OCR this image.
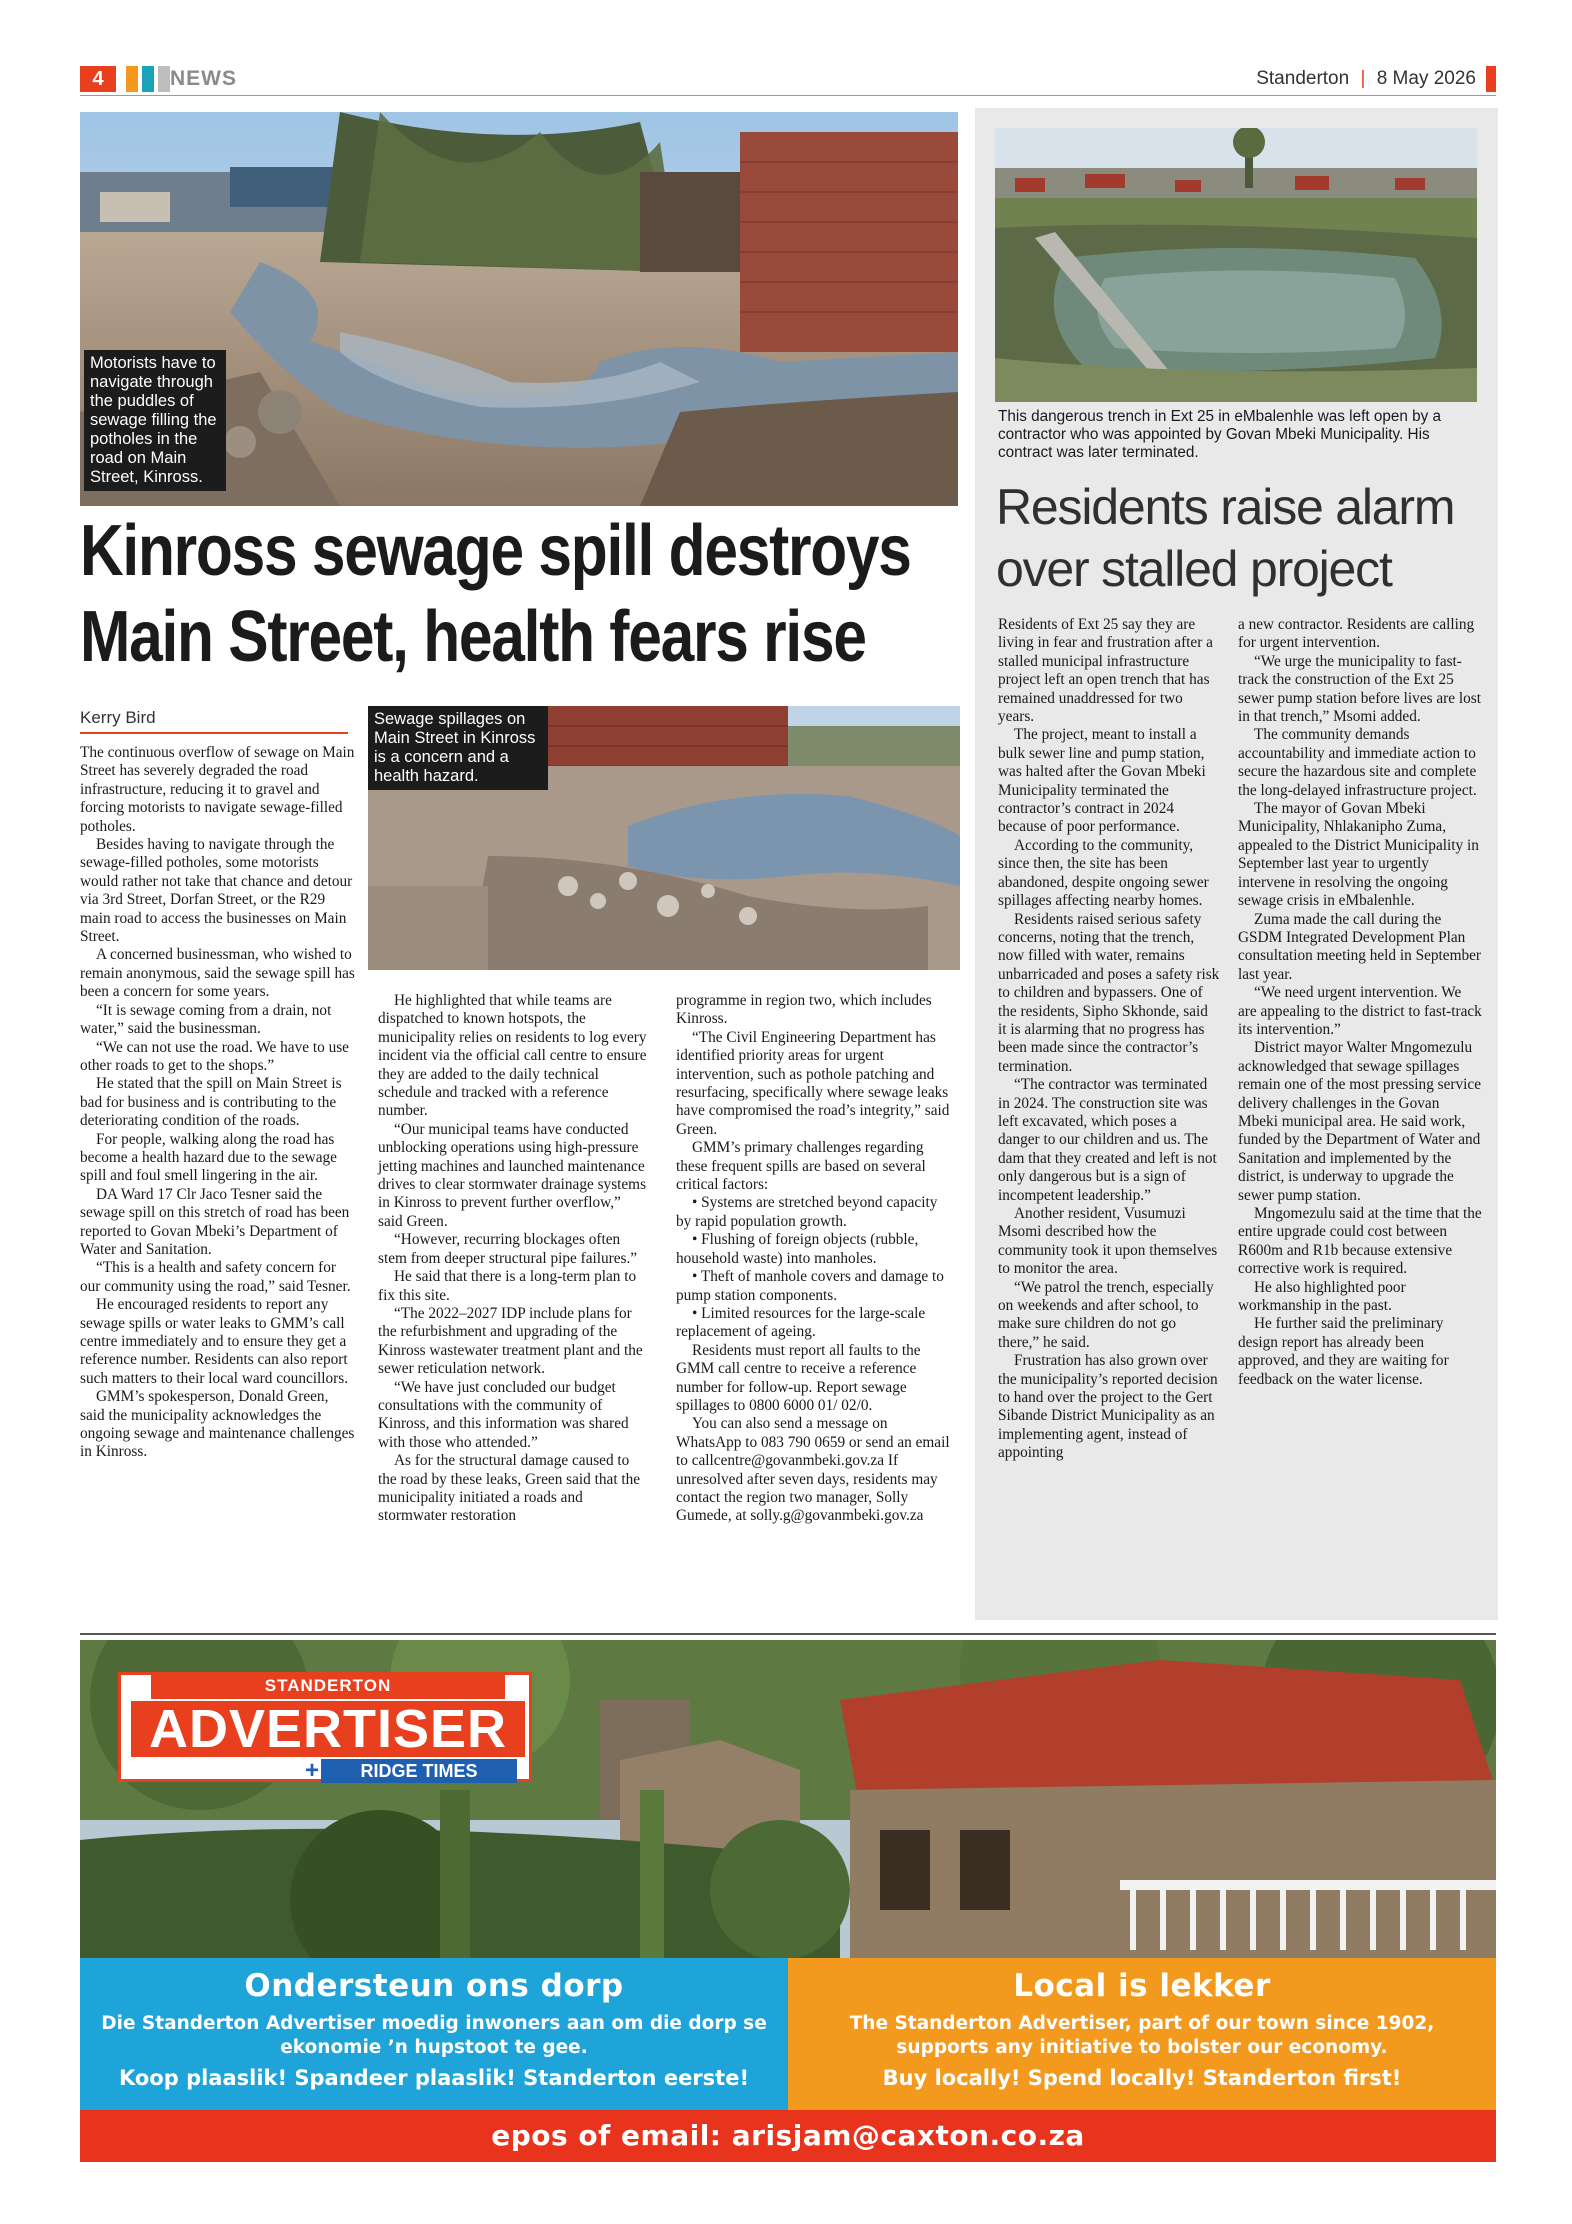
4	NEWS	Standerton | 8 May 2026
Motorists have to navigate through the puddles of sewage filling the potholes in the road on Main Street, Kinross.
Kinross sewage spill destroys Main Street, health fears rise
Kerry Bird	Sewage spillages on Main Street in Kinross is a concern and a health hazard.

The continuous overflow of sewage on Main Street has severely degraded the road infrastructure, reducing it to gravel and forcing motorists to navigate sewage-filled potholes.

Besides having to navigate through the sewage-filled potholes, some motorists would rather not take that chance and detour via 3rd Street, Dorfan Street, or the R29 main road to access the businesses on Main Street.

A concerned businessman, who wished to remain anonymous, said the sewage spill has been a concern for some years.

“It is sewage coming from a drain, not water,” said the businessman.

“We can not use the road. We have to use other roads to get to the shops.”

He stated that the spill on Main Street is bad for business and is contributing to the deteriorating condition of the roads.

For people, walking along the road has become a health hazard due to the sewage spill and foul smell lingering in the air.

DA Ward 17 Clr Jaco Tesner said the sewage spill on this stretch of road has been reported to Govan Mbeki’s Department of Water and Sanitation.

“This is a health and safety concern for our community using the road,” said Tesner.

He encouraged residents to report any sewage spills or water leaks to GMM’s call centre immediately and to ensure they get a reference number. Residents can also report such matters to their local ward councillors.

GMM’s spokesperson, Donald Green, said the municipality acknowledges the ongoing sewage and maintenance challenges in Kinross.

He highlighted that while teams are dispatched to known hotspots, the municipality relies on residents to log every incident via the official call centre to ensure they are added to the daily technical schedule and tracked with a reference number.

“Our municipal teams have conducted unblocking operations using high-pressure jetting machines and launched maintenance drives to clear stormwater drainage systems in Kinross to prevent further overflow,” said Green.

“However, recurring blockages often stem from deeper structural pipe failures.”

He said that there is a long-term plan to fix this site.

“The 2022–2027 IDP include plans for the refurbishment and upgrading of the Kinross wastewater treatment plant and the sewer reticulation network.

“We have just concluded our budget consultations with the community of Kinross, and this information was shared with those who attended.”

As for the structural damage caused to the road by these leaks, Green said that the municipality initiated a roads and stormwater restoration

programme in region two, which includes Kinross.

“The Civil Engineering Department has identified priority areas for urgent intervention, such as pothole patching and resurfacing, specifically where sewage leaks have compromised the road’s integrity,” said Green.

GMM’s primary challenges regarding these frequent spills are based on several critical factors:

• Systems are stretched beyond capacity by rapid population growth.

• Flushing of foreign objects (rubble, household waste) into manholes.

• Theft of manhole covers and damage to pump station components.

• Limited resources for the large-scale replacement of ageing.

Residents must report all faults to the GMM call centre to receive a reference number for follow-up. Report sewage spillages to 0800 6000 01/ 02/0.

You can also send a message on WhatsApp to 083 790 0659 or send an email to callcentre@govanmbeki.gov.za If unresolved after seven days, residents may contact the region two manager, Solly Gumede, at solly.g@govanmbeki.gov.za

This dangerous trench in Ext 25 in eMbalenhle was left open by a contractor who was appointed by Govan Mbeki Municipality. His contract was later terminated.
Residents raise alarm over stalled project

Residents of Ext 25 say they are living in fear and frustration after a stalled municipal infrastructure project left an open trench that has remained unaddressed for two years.

The project, meant to install a bulk sewer line and pump station, was halted after the Govan Mbeki Municipality terminated the contractor’s contract in 2024 because of poor performance.

According to the community, since then, the site has been abandoned, despite ongoing sewer spillages affecting nearby homes.

Residents raised serious safety concerns, noting that the trench, now filled with water, remains unbarricaded and poses a safety risk to children and bypassers. One of the residents, Sipho Skhonde, said it is alarming that no progress has been made since the contractor’s termination.

“The contractor was terminated in 2024. The construction site was left excavated, which poses a danger to our children and us. The dam that they created and left is not only dangerous but is a sign of incompetent leadership.”

Another resident, Vusumuzi Msomi described how the community took it upon themselves to monitor the area.

“We patrol the trench, especially on weekends and after school, to make sure children do not go there,” he said.

Frustration has also grown over the municipality’s reported decision to hand over the project to the Gert Sibande District Municipality as an implementing agent, instead of appointing

a new contractor. Residents are calling for urgent intervention.

“We urge the municipality to fast-track the construction of the Ext 25 sewer pump station before lives are lost in that trench,” Msomi added.

The community demands accountability and immediate action to secure the hazardous site and complete the long-delayed infrastructure project.

The mayor of Govan Mbeki Municipality, Nhlakanipho Zuma, appealed to the District Municipality in September last year to urgently intervene in resolving the ongoing sewage crisis in eMbalenhle.

Zuma made the call during the GSDM Integrated Development Plan consultation meeting held in September last year.

“We need urgent intervention. We are appealing to the district to fast-track its intervention.”

District mayor Walter Mngomezulu acknowledged that sewage spillages remain one of the most pressing service delivery challenges in the Govan Mbeki municipal area. He said work, funded by the Department of Water and Sanitation and implemented by the district, is underway to upgrade the sewer pump station.

Mngomezulu said at the time that the entire upgrade could cost between R600m and R1b because extensive corrective work is required.

He also highlighted poor workmanship in the past.

He further said the preliminary design report has already been approved, and they are waiting for feedback on the water license.

STANDERTON
ADVERTISER
+	RIDGE TIMES
Ondersteun ons dorp
Die Standerton Advertiser moedig inwoners aan om die dorp se ekonomie ’n hupstoot te gee.
Koop plaaslik! Spandeer plaaslik! Standerton eerste!
Local is lekker
The Standerton Advertiser, part of our town since 1902, supports any initiative to bolster our economy.
Buy locally! Spend locally! Standerton first!
epos of email: arisjam@caxton.co.za
